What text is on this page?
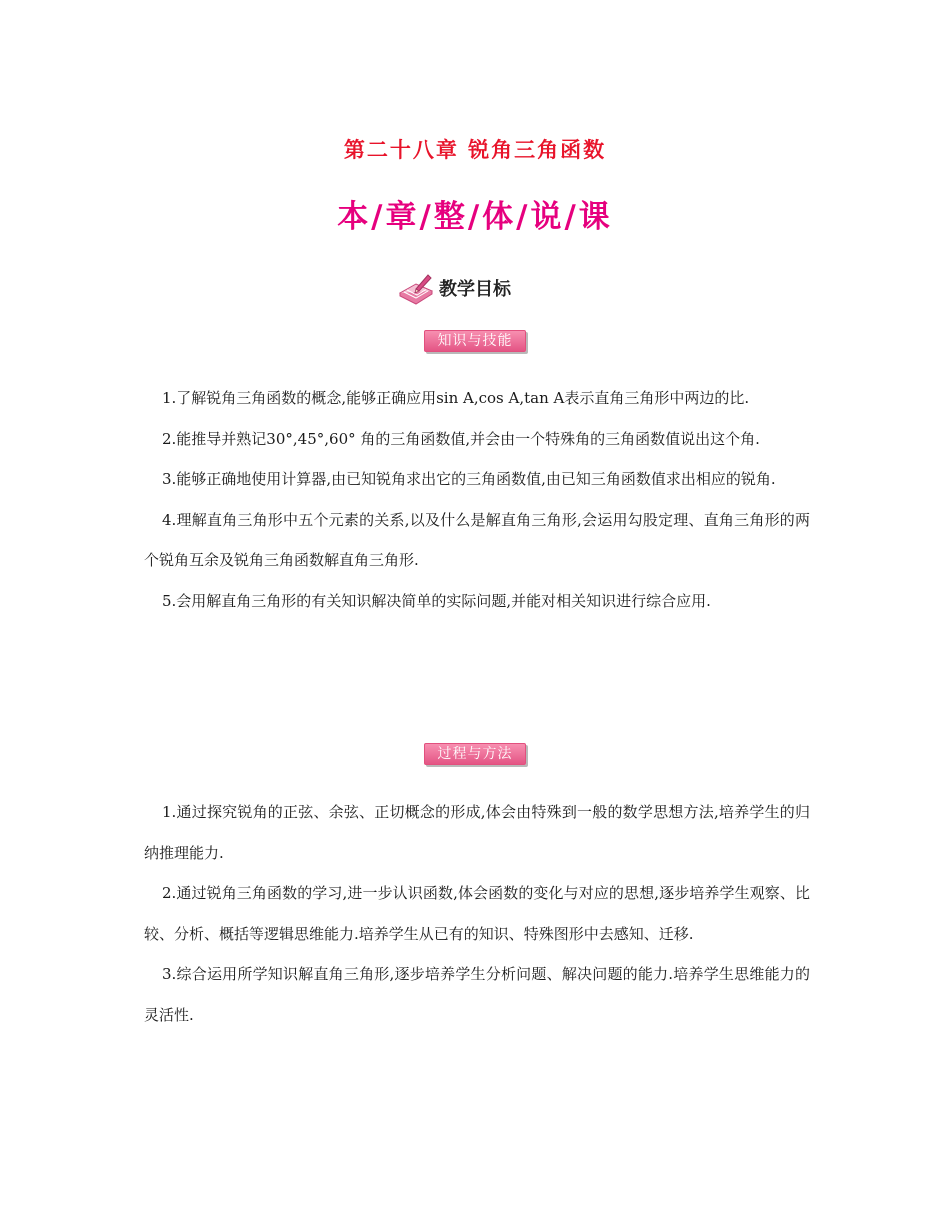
第二十八章 锐角三角函数
本/章/整/体/说/课
教学目标
知识与技能

1.了解锐角三角函数的概念,能够正确应用sin A,cos A,tan A表示直角三角形中两边的比.

2.能推导并熟记30°,45°,60° 角的三角函数值,并会由一个特殊角的三角函数值说出这个角.

3.能够正确地使用计算器,由已知锐角求出它的三角函数值,由已知三角函数值求出相应的锐角.

4.理解直角三角形中五个元素的关系,以及什么是解直角三角形,会运用勾股定理、直角三角形的两个锐角互余及锐角三角函数解直角三角形.

5.会用解直角三角形的有关知识解决简单的实际问题,并能对相关知识进行综合应用.

过程与方法

1.通过探究锐角的正弦、余弦、正切概念的形成,体会由特殊到一般的数学思想方法,培养学生的归纳推理能力.

2.通过锐角三角函数的学习,进一步认识函数,体会函数的变化与对应的思想,逐步培养学生观察、比较、分析、概括等逻辑思维能力.培养学生从已有的知识、特殊图形中去感知、迁移.

3.综合运用所学知识解直角三角形,逐步培养学生分析问题、解决问题的能力.培养学生思维能力的灵活性.
